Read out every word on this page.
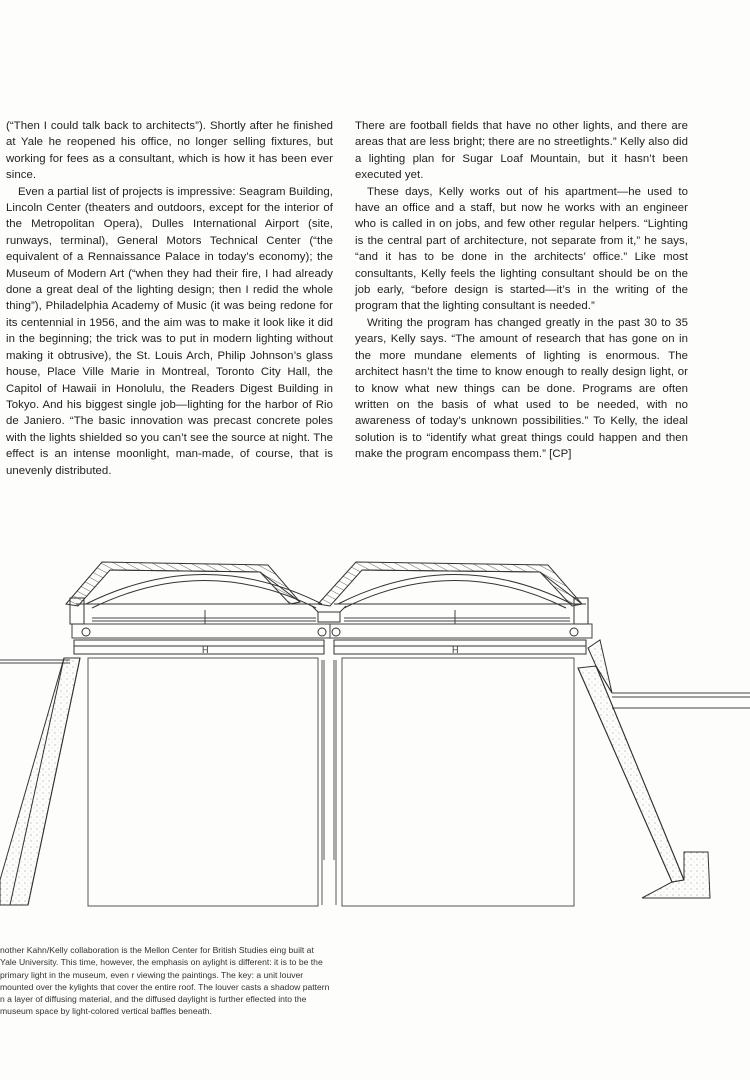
(“Then I could talk back to architects”). Shortly after he finished at Yale he reopened his office, no longer selling fixtures, but working for fees as a consultant, which is how it has been ever since.

Even a partial list of projects is impressive: Seagram Building, Lincoln Center (theaters and outdoors, except for the interior of the Metropolitan Opera), Dulles International Airport (site, runways, terminal), General Motors Technical Center (“the equivalent of a Rennaissance Palace in today’s economy); the Museum of Modern Art (“when they had their fire, I had already done a great deal of the lighting design; then I redid the whole thing”), Philadelphia Academy of Music (it was being redone for its centennial in 1956, and the aim was to make it look like it did in the beginning; the trick was to put in modern lighting without making it obtrusive), the St. Louis Arch, Philip Johnson’s glass house, Place Ville Marie in Montreal, Toronto City Hall, the Capitol of Hawaii in Honolulu, the Readers Digest Building in Tokyo. And his biggest single job—lighting for the harbor of Rio de Janiero. “The basic innovation was precast concrete poles with the lights shielded so you can’t see the source at night. The effect is an intense moonlight, man-made, of course, that is unevenly distributed.

There are football fields that have no other lights, and there are areas that are less bright; there are no streetlights.” Kelly also did a lighting plan for Sugar Loaf Mountain, but it hasn’t been executed yet.

These days, Kelly works out of his apartment—he used to have an office and a staff, but now he works with an engineer who is called in on jobs, and few other regular helpers. “Lighting is the central part of architecture, not separate from it,” he says, “and it has to be done in the architects’ office.” Like most consultants, Kelly feels the lighting consultant should be on the job early, “before design is started—it’s in the writing of the program that the lighting consultant is needed.”

Writing the program has changed greatly in the past 30 to 35 years, Kelly says. “The amount of research that has gone on in the more mundane elements of lighting is enormous. The architect hasn’t the time to know enough to really design light, or to know what new things can be done. Programs are often written on the basis of what used to be needed, with no awareness of today’s unknown possibilities.” To Kelly, the ideal solution is to “identify what great things could happen and then make the program encompass them.” [CP]

H	H

nother Kahn/Kelly collaboration is the Mellon Center for British Studies eing built at Yale University. This time, however, the emphasis on aylight is different: it is to be the primary light in the museum, even r viewing the paintings. The key: a unit louver mounted over the kylights that cover the entire roof. The louver casts a shadow pattern n a layer of diffusing material, and the diffused daylight is further eflected into the museum space by light-colored vertical baffles beneath.
